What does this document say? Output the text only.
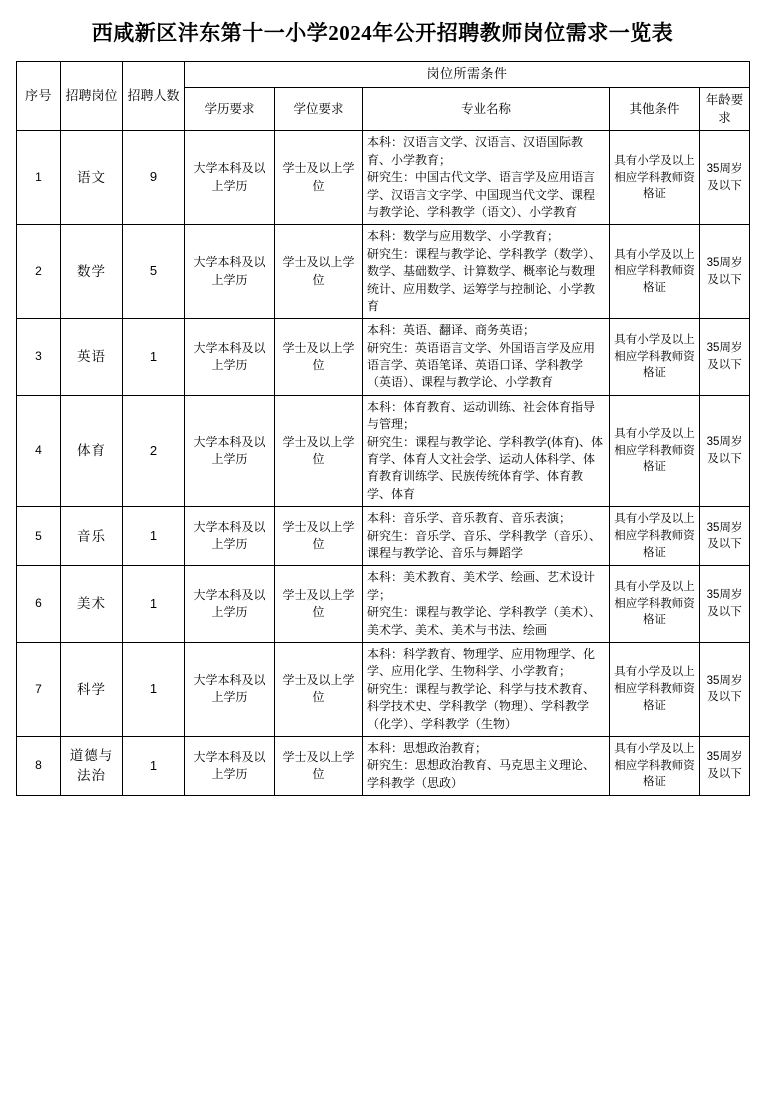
西咸新区沣东第十一小学2024年公开招聘教师岗位需求一览表
序号	招聘岗位	招聘人数	岗位所需条件				
			学历要求	学位要求	专业名称	其他条件	年龄要求
1	语文	9	大学本科及以上学历	学士及以上学位	本科：汉语言文学、汉语言、汉语国际教育、小学教育；
研究生：中国古代文学、语言学及应用语言学、汉语言文字学、中国现当代文学、课程与教学论、学科教学（语文）、小学教育	具有小学及以上相应学科教师资格证	35周岁及以下
2	数学	5	大学本科及以上学历	学士及以上学位	本科：数学与应用数学、小学教育；
研究生：课程与教学论、学科教学（数学）、数学、基础数学、计算数学、概率论与数理统计、应用数学、运筹学与控制论、小学教育	具有小学及以上相应学科教师资格证	35周岁及以下
3	英语	1	大学本科及以上学历	学士及以上学位	本科：英语、翻译、商务英语；
研究生：英语语言文学、外国语言学及应用语言学、英语笔译、英语口译、学科教学（英语）、课程与教学论、小学教育	具有小学及以上相应学科教师资格证	35周岁及以下
4	体育	2	大学本科及以上学历	学士及以上学位	本科：体育教育、运动训练、社会体育指导与管理；
研究生：课程与教学论、学科教学(体育)、体育学、体育人文社会学、运动人体科学、体育教育训练学、民族传统体育学、体育教学、体育	具有小学及以上相应学科教师资格证	35周岁及以下
5	音乐	1	大学本科及以上学历	学士及以上学位	本科：音乐学、音乐教育、音乐表演；
研究生：音乐学、音乐、学科教学（音乐）、课程与教学论、音乐与舞蹈学	具有小学及以上相应学科教师资格证	35周岁及以下
6	美术	1	大学本科及以上学历	学士及以上学位	本科：美术教育、美术学、绘画、艺术设计学；
研究生：课程与教学论、学科教学（美术）、美术学、美术、美术与书法、绘画	具有小学及以上相应学科教师资格证	35周岁及以下
7	科学	1	大学本科及以上学历	学士及以上学位	本科：科学教育、物理学、应用物理学、化学、应用化学、生物科学、小学教育；
研究生：课程与教学论、科学与技术教育、科学技术史、学科教学（物理）、学科教学（化学）、学科教学（生物）	具有小学及以上相应学科教师资格证	35周岁及以下
8	道德与法治	1	大学本科及以上学历	学士及以上学位	本科：思想政治教育；
研究生：思想政治教育、马克思主义理论、学科教学（思政）	具有小学及以上相应学科教师资格证	35周岁及以下
